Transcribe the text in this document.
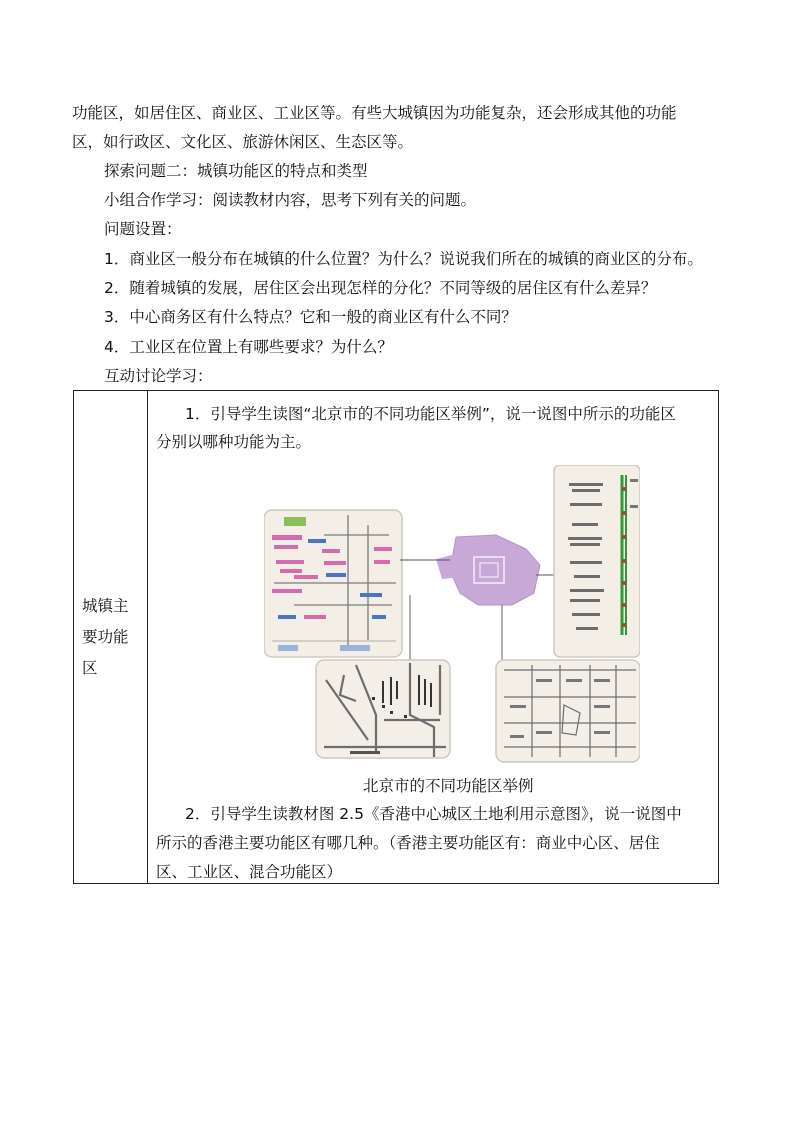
功能区，如居住区、商业区、工业区等。有些大城镇因为功能复杂，还会形成其他的功能
区，如行政区、文化区、旅游休闲区、生态区等。
探索问题二：城镇功能区的特点和类型
小组合作学习：阅读教材内容，思考下列有关的问题。
问题设置：
1．商业区一般分布在城镇的什么位置？为什么？说说我们所在的城镇的商业区的分布。
2．随着城镇的发展，居住区会出现怎样的分化？不同等级的居住区有什么差异？
3．中心商务区有什么特点？它和一般的商业区有什么不同？
4．工业区在位置上有哪些要求？为什么？
互动讨论学习：
城镇主要功能区

1．引导学生读图“北京市的不同功能区举例”，说一说图中所示的功能区
分别以哪种功能为主。
北京市的不同功能区举例
2．引导学生读教材图 2.5《香港中心城区土地利用示意图》，说一说图中
所示的香港主要功能区有哪几种。（香港主要功能区有：商业中心区、居住
区、工业区、混合功能区）
